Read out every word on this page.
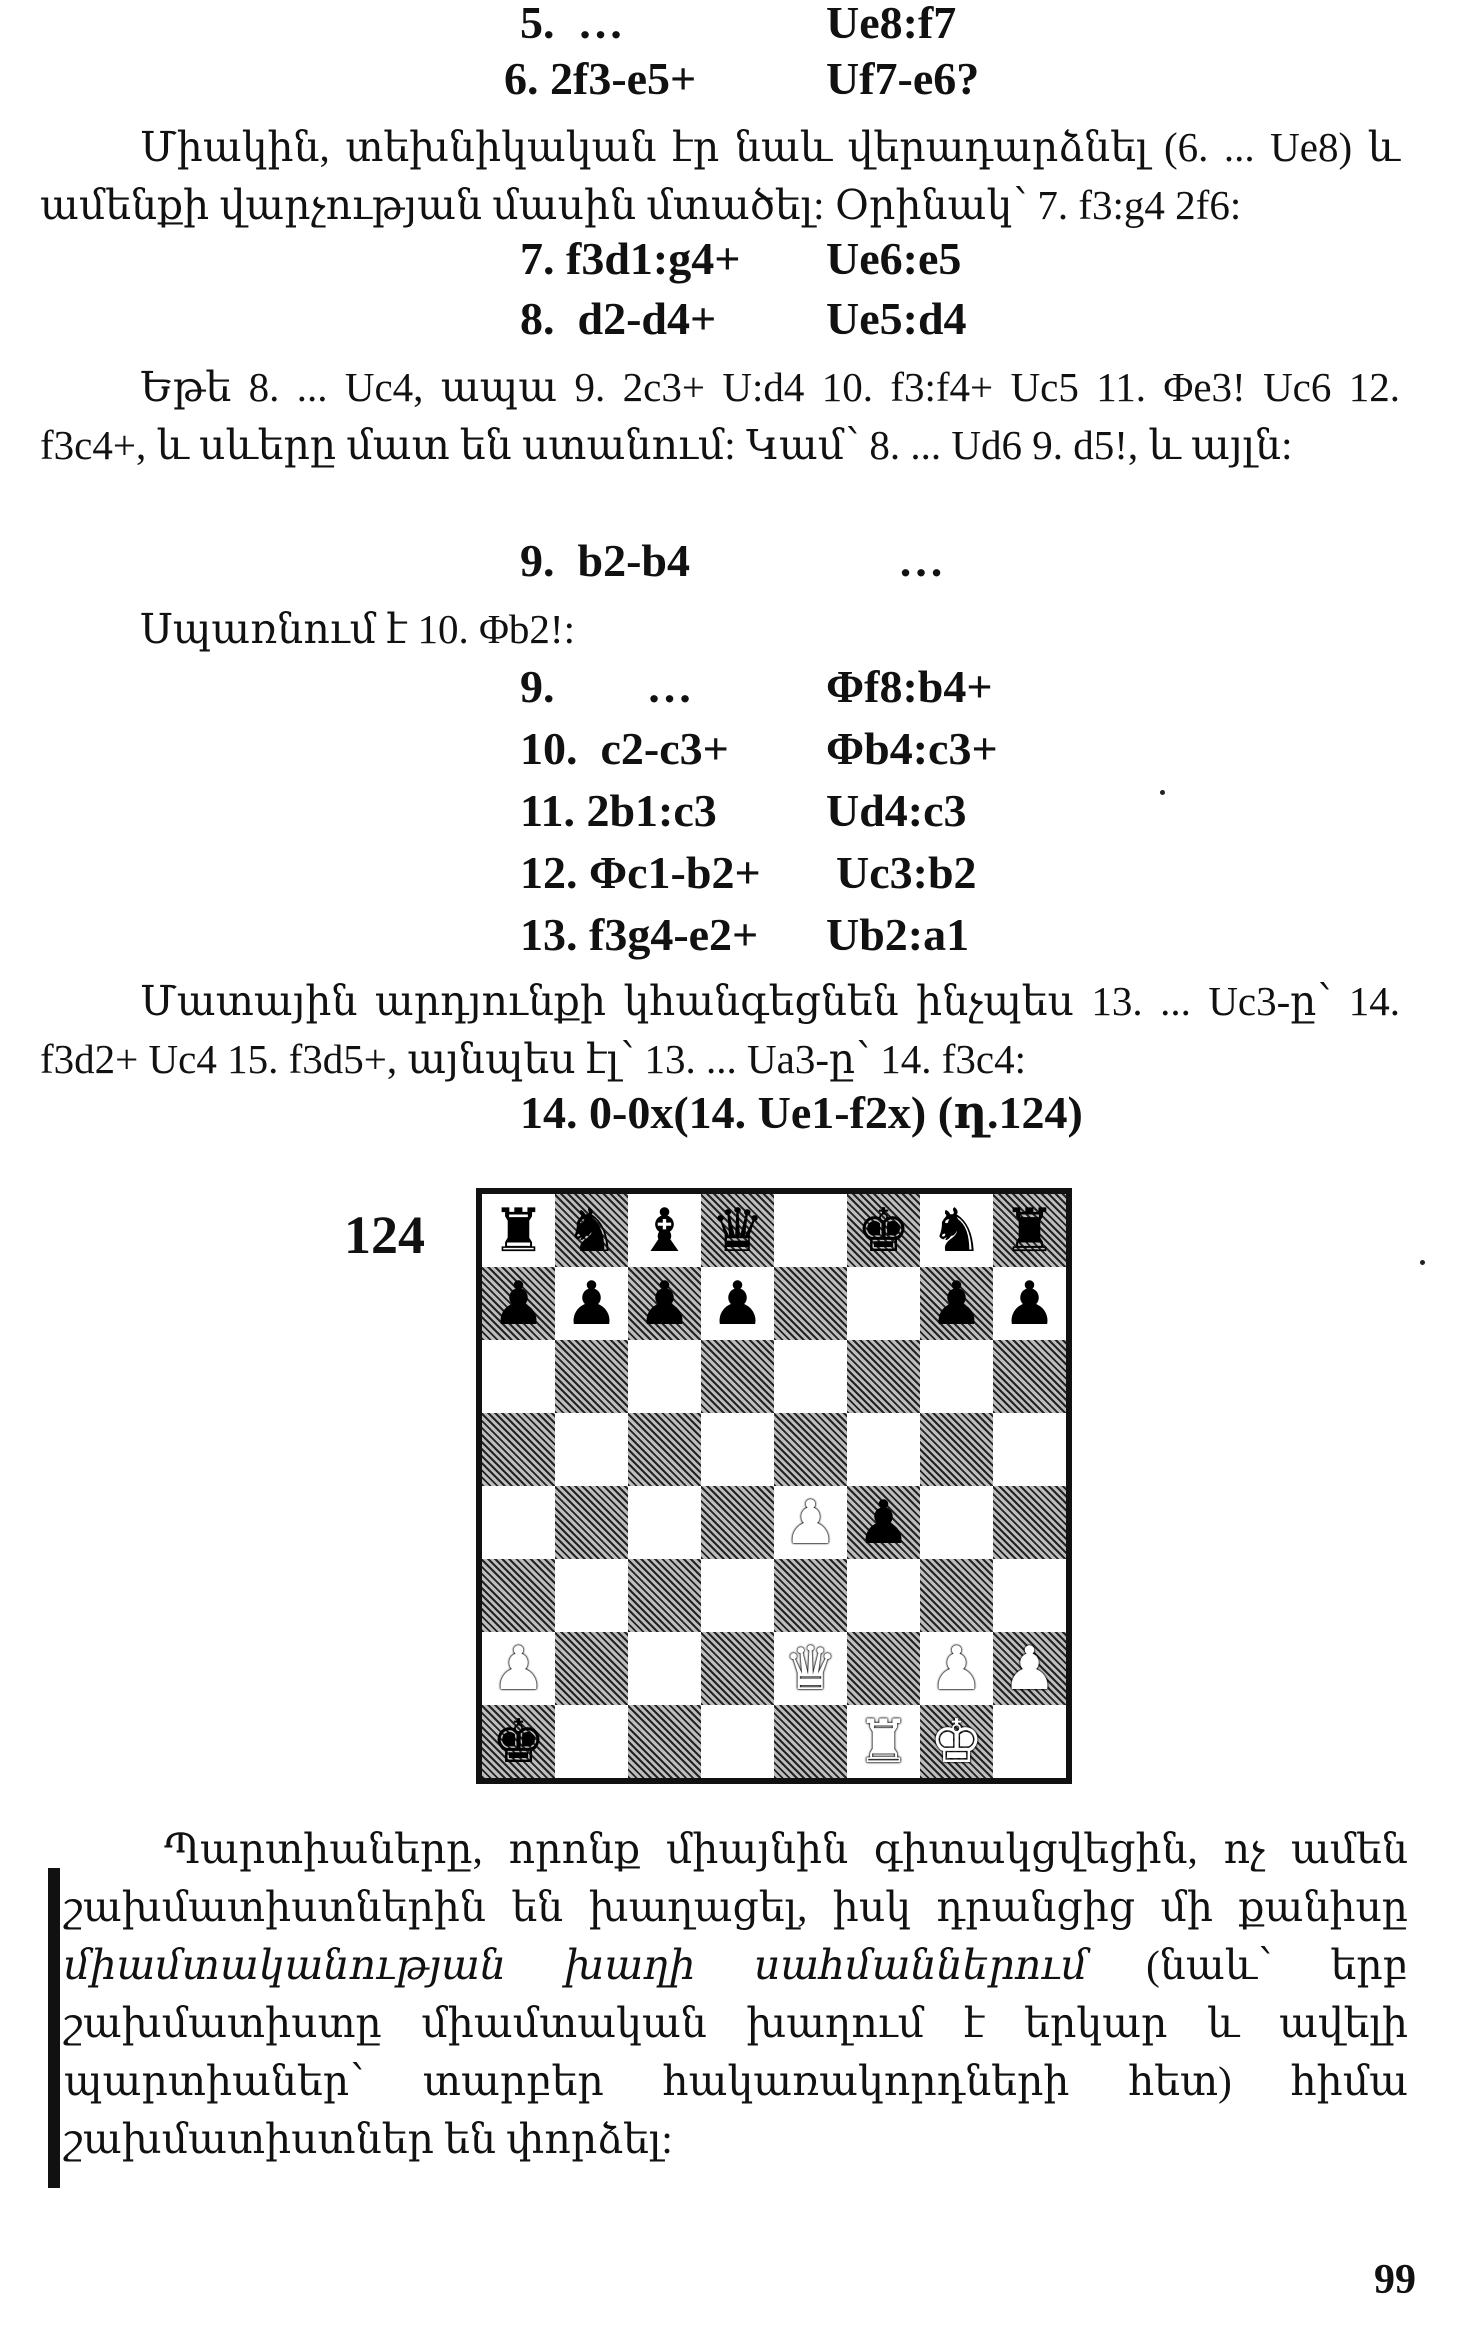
5.  …	Ue8:f7
6. 2f3-e5+	Uf7-e6?

Միակին, տեխնիկական էր նաև վերադարձնել (6. ... Ue8) և ամենքի վարչության մասին մտածել: Օրինակ՝ 7. f3:g4 2f6:

7. f3d1:g4+ Ue6:e5
8.  d2-d4+ Ue5:d4

Եթե 8. ... Uc4, ապա 9. 2c3+ U:d4 10. f3:f4+ Uc5 11. Φe3! Uc6 12. f3c4+, և սևերը մատ են ստանում: Կամ՝ 8. ... Ud6 9. d5!, և այլն:

9.  b2-b4	…

Սպառնում է 10. Φb2!:

9.        …	Φf8:b4+
10.  c2-c3+ Φb4:c3+
11. 2b1:c3 Ud4:c3
12. Φc1-b2+ Uc3:b2
13. f3g4-e2+ Ub2:a1

Մատային արդյունքի կհանգեցնեն ինչպես 13. ... Uc3-ը՝ 14. f3d2+ Uc4 15. f3d5+, այնպես էլ՝ 13. ... Ua3-ը՝ 14. f3c4:

14. 0-0x(14. Ue1-f2x) (ղ.124)
124 ♜ ♞ ♝ ♛ ♚ ♞ ♜
♟ ♟ ♟ ♟	♟ ♟
♟ ♟
♟	♛ ♟ ♟
♚	♜ ♚

Պարտիաները, որոնք միայնին գիտակցվեցին, ոչ ամեն շախմատիստներին են խաղացել, իսկ դրանցից մի քանիսը միամտականության խաղի սահմաններում (նաև՝ երբ շախմատիստը միամտական խաղում է երկար և ավելի պարտիաներ՝ տարբեր հակառակորդների հետ) հիմա շախմատիստներ են փորձել:

99
